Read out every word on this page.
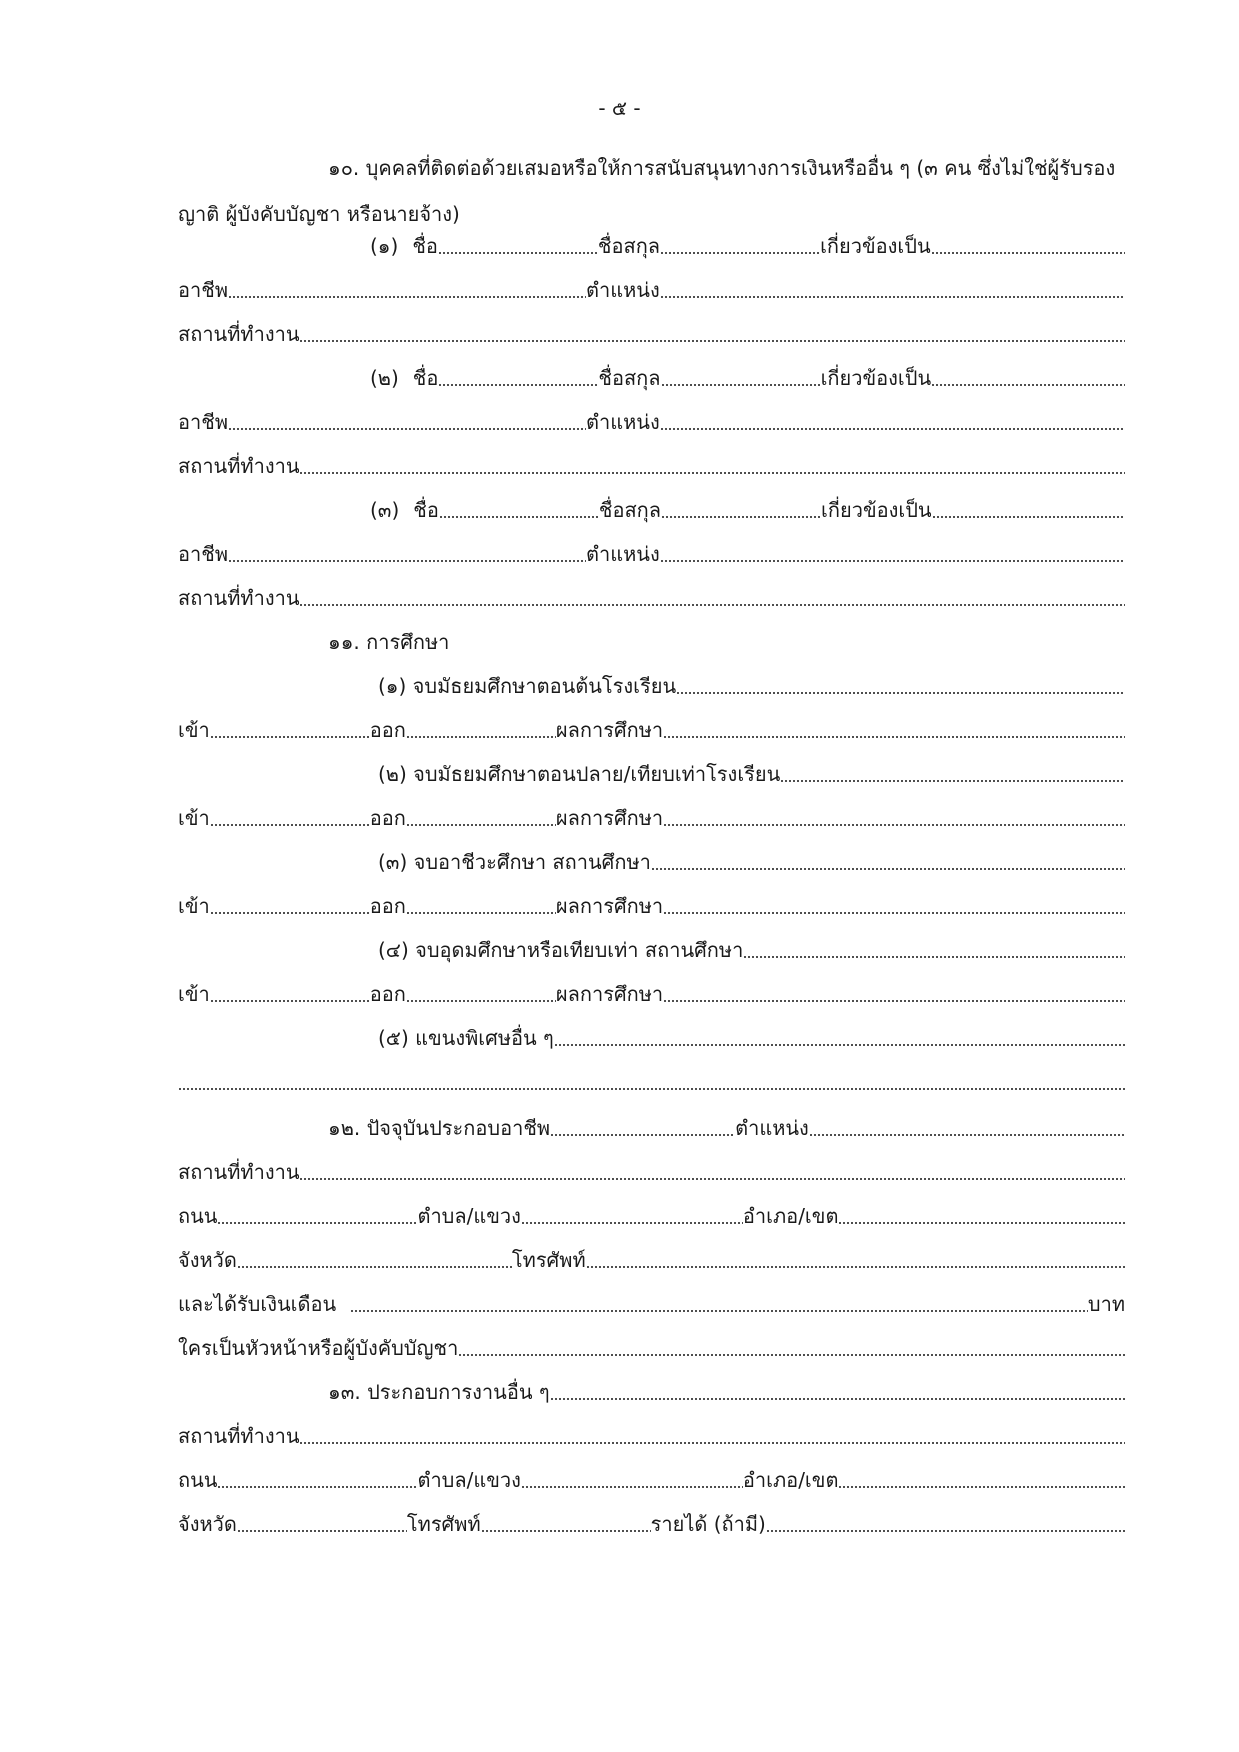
- ๕ -
๑๐. บุคคลที่ติดต่อด้วยเสมอหรือให้การสนับสนุนทางการเงินหรืออื่น ๆ (๓ คน ซึ่งไม่ใช่ผู้รับรอง ญาติ ผู้บังคับบัญชา หรือนายจ้าง)
(๑) ชื่อ	ชื่อสกุล	เกี่ยวข้องเป็น
อาชีพ	ตำแหน่ง
สถานที่ทำงาน
(๒) ชื่อ	ชื่อสกุล	เกี่ยวข้องเป็น
อาชีพ	ตำแหน่ง
สถานที่ทำงาน
(๓) ชื่อ	ชื่อสกุล	เกี่ยวข้องเป็น
อาชีพ	ตำแหน่ง
สถานที่ทำงาน
๑๑. การศึกษา
(๑) จบมัธยมศึกษาตอนต้นโรงเรียน
เข้า	ออก	ผลการศึกษา
(๒) จบมัธยมศึกษาตอนปลาย/เทียบเท่าโรงเรียน
เข้า	ออก	ผลการศึกษา
(๓) จบอาชีวะศึกษา สถานศึกษา
เข้า	ออก	ผลการศึกษา
(๔) จบอุดมศึกษาหรือเทียบเท่า สถานศึกษา
เข้า	ออก	ผลการศึกษา
(๕) แขนงพิเศษอื่น ๆ
๑๒. ปัจจุบันประกอบอาชีพ	ตำแหน่ง
สถานที่ทำงาน
ถนน	ตำบล/แขวง	อำเภอ/เขต
จังหวัด	โทรศัพท์
และได้รับเงินเดือน	บาท
ใครเป็นหัวหน้าหรือผู้บังคับบัญชา
๑๓. ประกอบการงานอื่น ๆ
สถานที่ทำงาน
ถนน	ตำบล/แขวง	อำเภอ/เขต
จังหวัด	โทรศัพท์	รายได้ (ถ้ามี)
